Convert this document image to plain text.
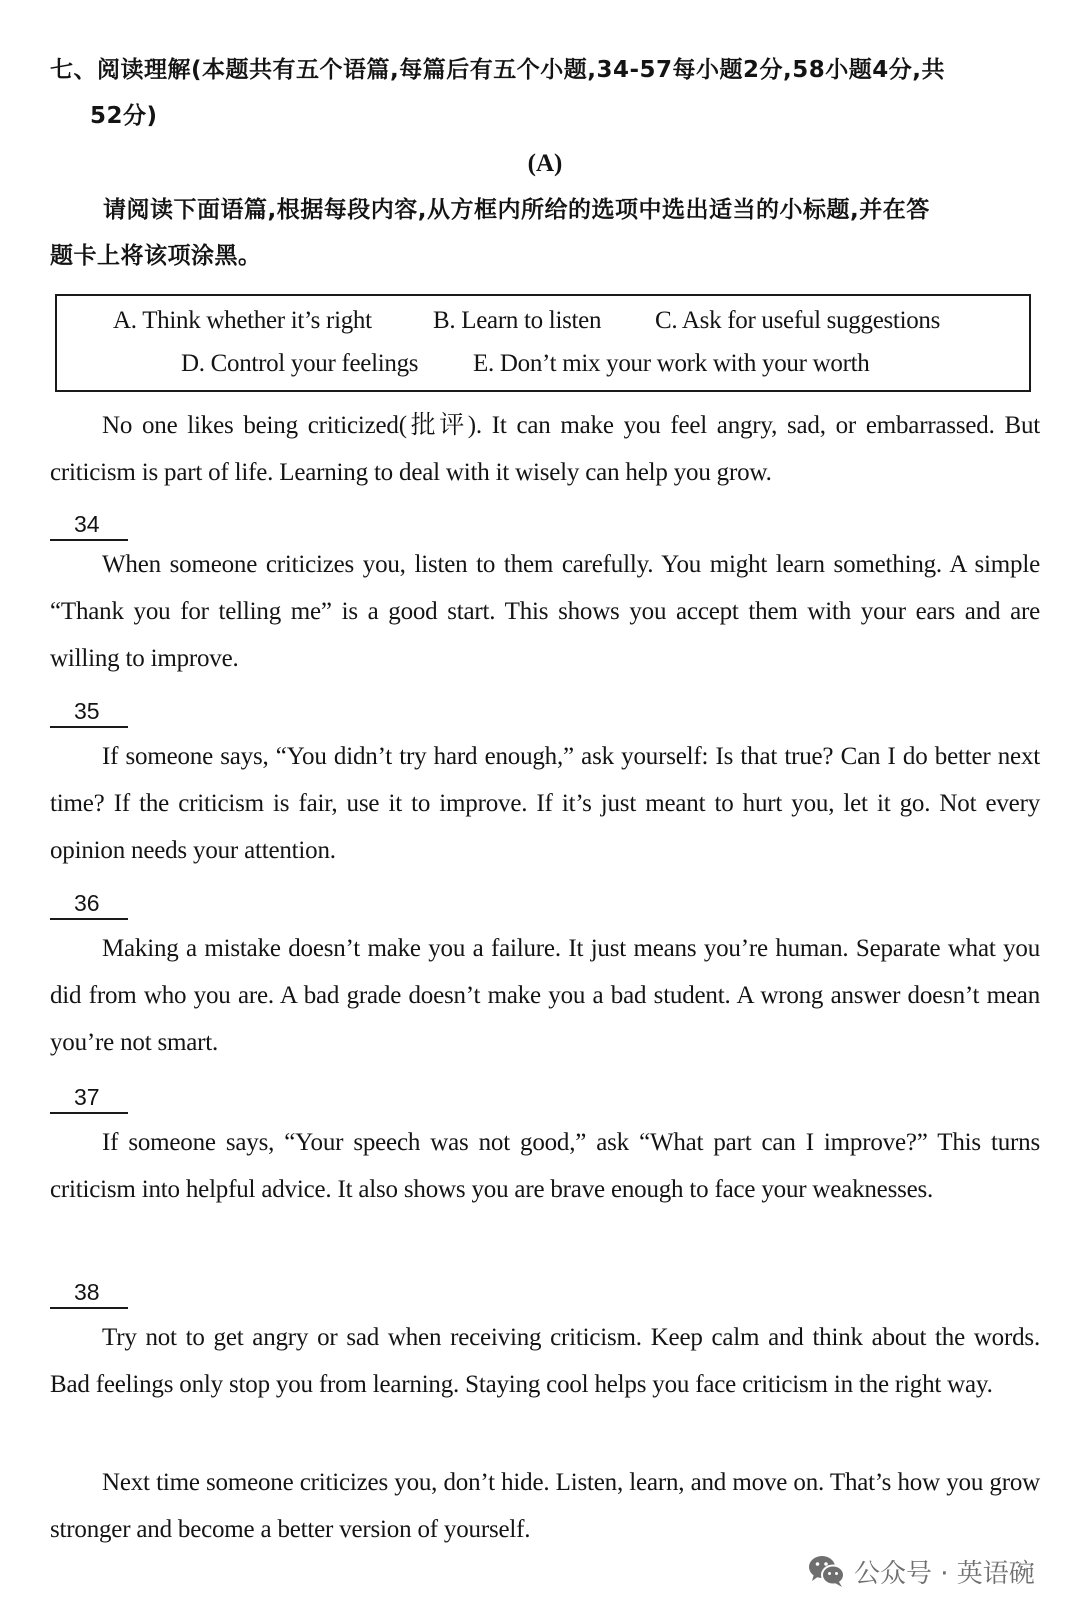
七、阅读理解(本题共有五个语篇,每篇后有五个小题,34-57每小题2分,58小题4分,共
52分)
(A)
请阅读下面语篇,根据每段内容,从方框内所给的选项中选出适当的小标题,并在答
题卡上将该项涂黑。
A. Think whether it’s right B. Learn to listen C. Ask for useful suggestions
D. Control your feelings E. Don’t mix your work with your worth
No one likes being criticized(批评). It can make you feel angry, sad, or embarrassed. But criticism is part of life. Learning to deal with it wisely can help you grow.
34
When someone criticizes you, listen to them carefully. You might learn something. A simple “Thank you for telling me” is a good start. This shows you accept them with your ears and are willing to improve.
35
If someone says, “You didn’t try hard enough,” ask yourself: Is that true? Can I do better next time? If the criticism is fair, use it to improve. If it’s just meant to hurt you, let it go. Not every opinion needs your attention.
36
Making a mistake doesn’t make you a failure. It just means you’re human. Separate what you did from who you are. A bad grade doesn’t make you a bad student. A wrong answer doesn’t mean you’re not smart.
37
If someone says, “Your speech was not good,” ask “What part can I improve?” This turns criticism into helpful advice. It also shows you are brave enough to face your weaknesses.
38
Try not to get angry or sad when receiving criticism. Keep calm and think about the words. Bad feelings only stop you from learning. Staying cool helps you face criticism in the right way.
Next time someone criticizes you, don’t hide. Listen, learn, and move on. That’s how you grow stronger and become a better version of yourself.
公众号 · 英语碗
